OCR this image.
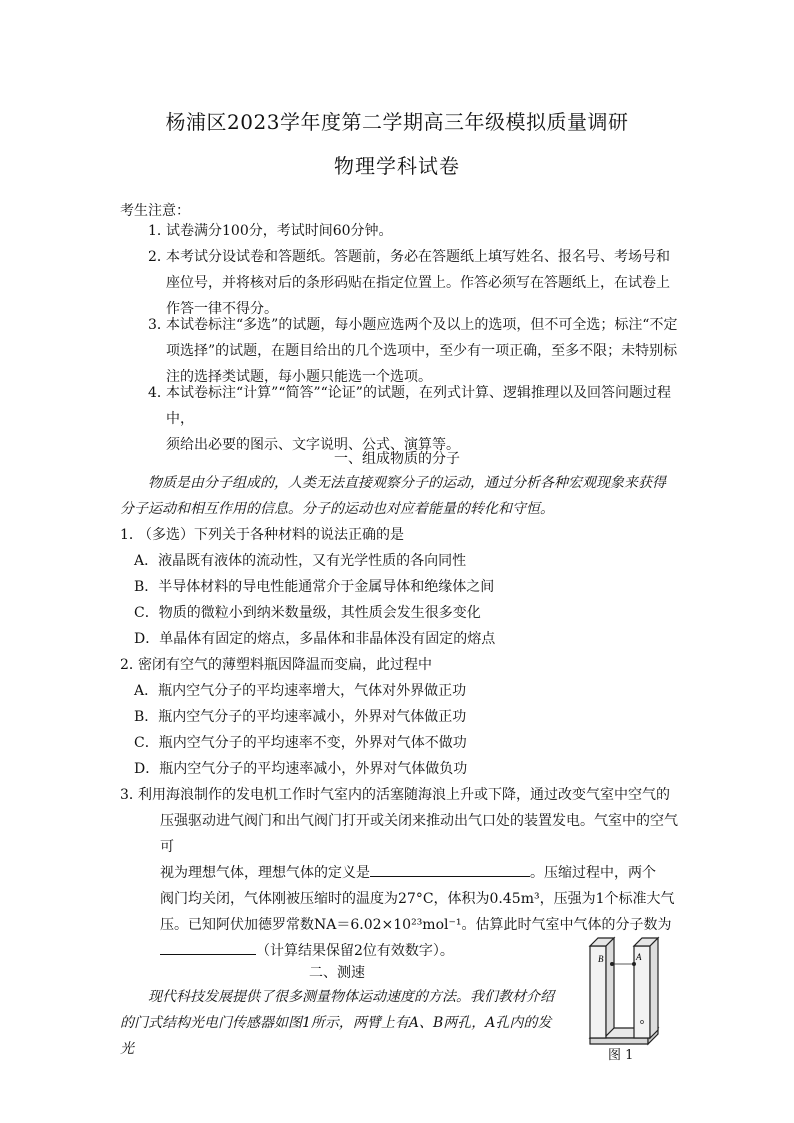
杨浦区2023学年度第二学期高三年级模拟质量调研
物理学科试卷
考生注意：
1．
试卷满分100分，考试时间60分钟。
2．
本考试分设试卷和答题纸。答题前，务必在答题纸上填写姓名、报名号、考场号和
座位号，并将核对后的条形码贴在指定位置上。作答必须写在答题纸上，在试卷上
作答一律不得分。
3．
本试卷标注“多选”的试题，每小题应选两个及以上的选项，但不可全选；标注“不定
项选择”的试题，在题目给出的几个选项中，至少有一项正确，至多不限；未特别标
注的选择类试题，每小题只能选一个选项。
4．
本试卷标注“计算”“简答”“论证”的试题，在列式计算、逻辑推理以及回答问题过程中，
须给出必要的图示、文字说明、公式、演算等。
一、组成物质的分子
物质是由分子组成的，人类无法直接观察分子的运动，通过分析各种宏观现象来获得
分子运动和相互作用的信息。分子的运动也对应着能量的转化和守恒。
1．
（多选）下列关于各种材料的说法正确的是
A．液晶既有液体的流动性，又有光学性质的各向同性
B．半导体材料的导电性能通常介于金属导体和绝缘体之间
C．物质的微粒小到纳米数量级，其性质会发生很多变化
D．单晶体有固定的熔点，多晶体和非晶体没有固定的熔点
2．
密闭有空气的薄塑料瓶因降温而变扁，此过程中
A．瓶内空气分子的平均速率增大，气体对外界做正功
B．瓶内空气分子的平均速率减小，外界对气体做正功
C．瓶内空气分子的平均速率不变，外界对气体不做功
D．瓶内空气分子的平均速率减小，外界对气体做负功
3．
利用海浪制作的发电机工作时气室内的活塞随海浪上升或下降，通过改变气室中空气的
压强驱动进气阀门和出气阀门打开或关闭来推动出气口处的装置发电。气室中的空气可
视为理想气体，理想气体的定义是	。压缩过程中，两个
阀门均关闭，气体刚被压缩时的温度为27°C，体积为0.45m³，压强为1个标准大气
压。已知阿伏加德罗常数NA＝6.02×10²³mol⁻¹。估算此时气室中气体的分子数为
（计算结果保留2位有效数字）。
二、测速
现代科技发展提供了很多测量物体运动速度的方法。我们教材介绍
的门式结构光电门传感器如图1所示，两臂上有A、B两孔，A孔内的发光
B	A
图 1
